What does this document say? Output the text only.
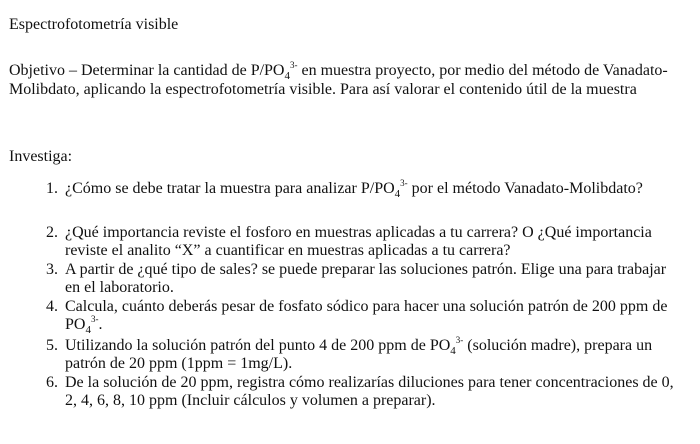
Espectrofotometría visible
Objetivo – Determinar la cantidad de $P/PO_4^{3-}$ en muestra proyecto, por medio del método de Vanadato-Molibdato, aplicando la espectrofotometría visible. Para así valorar el contenido útil de la muestra
Investiga:
1. ¿Cómo se debe tratar la muestra para analizar $P/PO_4^{3-}$ por el método Vanadato-Molibdato?
2. ¿Qué importancia reviste el fosforo en muestras aplicadas a tu carrera? O ¿Qué importancia reviste el analito “X” a cuantificar en muestras aplicadas a tu carrera?
3. A partir de ¿qué tipo de sales? se puede preparar las soluciones patrón. Elige una para trabajar en el laboratorio.
4. Calcula, cuánto deberás pesar de fosfato sódico para hacer una solución patrón de 200 ppm de $PO_4^{3-}$.
5. Utilizando la solución patrón del punto 4 de 200 ppm de $PO_4^{3-}$ (solución madre), prepara un patrón de 20 ppm (1ppm = 1mg/L).
6. De la solución de 20 ppm, registra cómo realizarías diluciones para tener concentraciones de 0, 2, 4, 6, 8, 10 ppm (Incluir cálculos y volumen a preparar).
